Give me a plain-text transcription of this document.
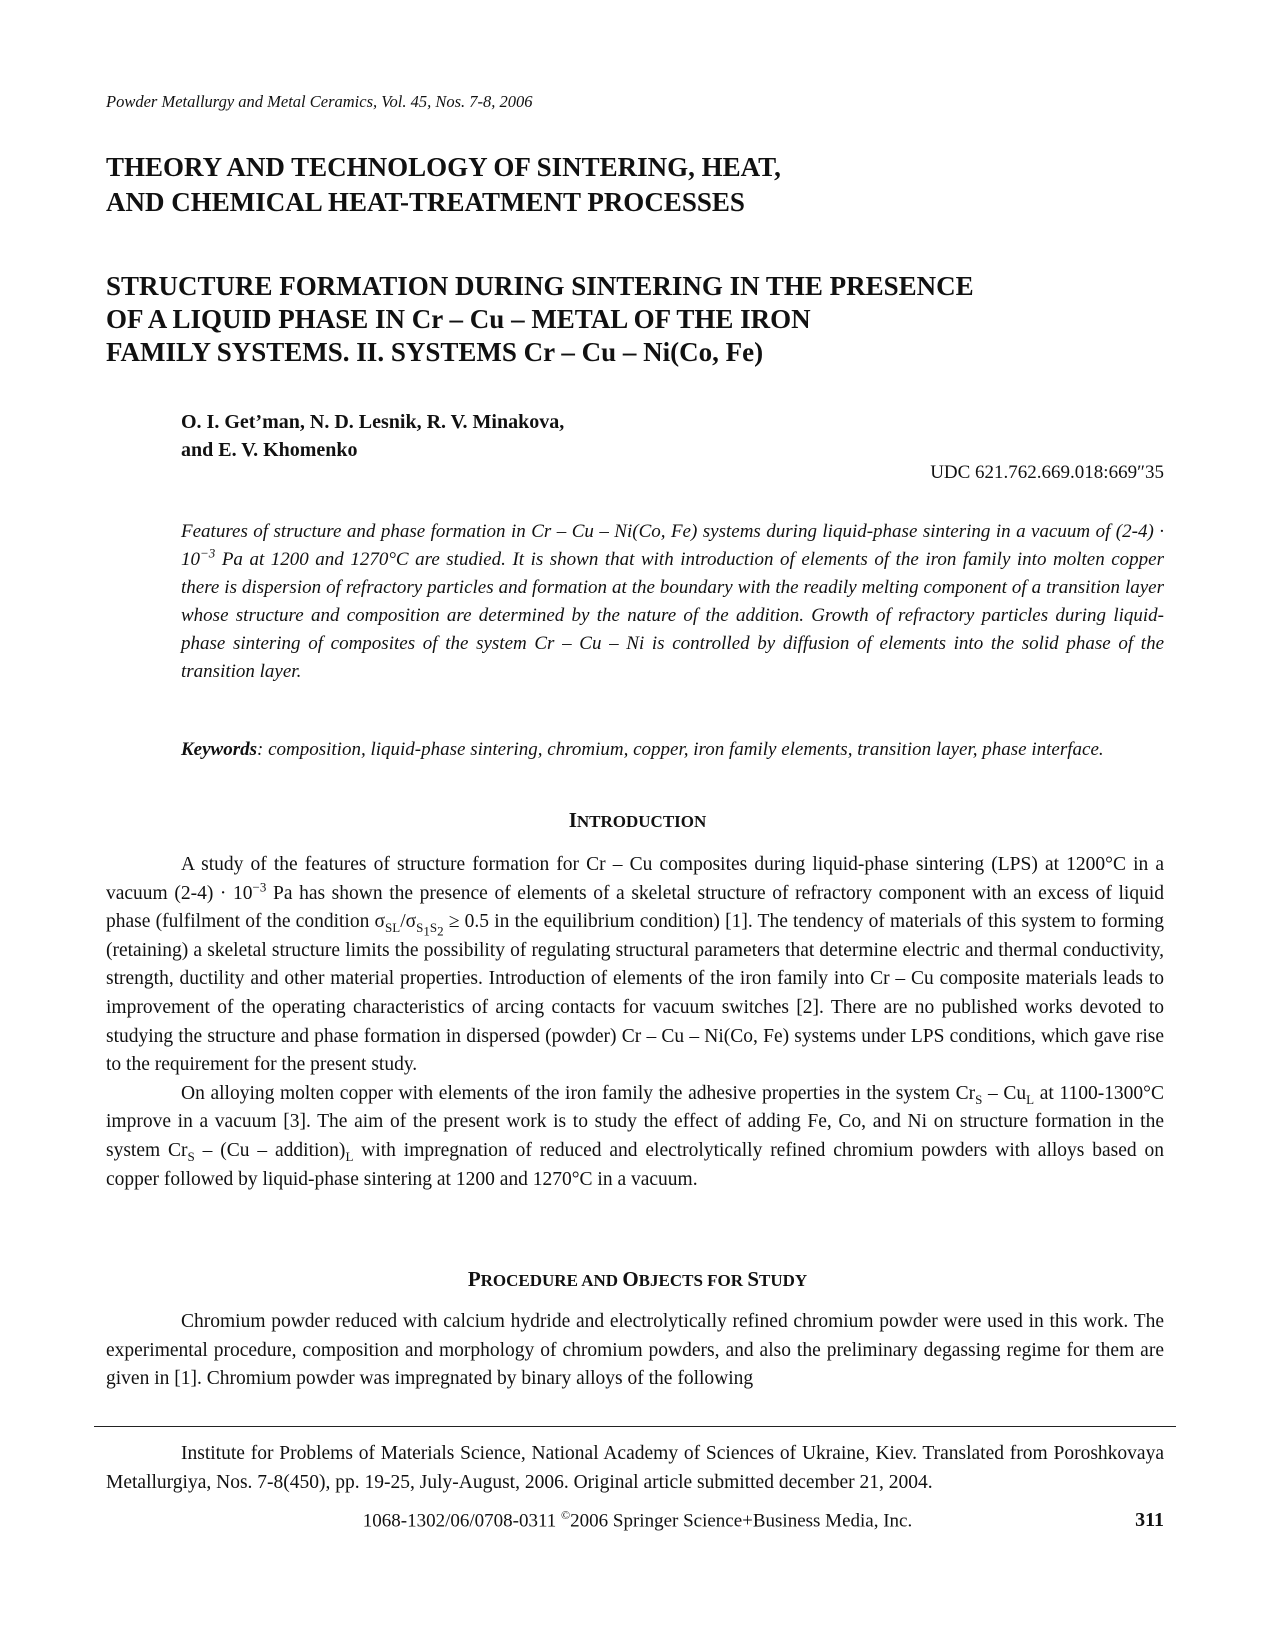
Powder Metallurgy and Metal Ceramics, Vol. 45, Nos. 7-8, 2006
THEORY AND TECHNOLOGY OF SINTERING, HEAT,
AND CHEMICAL HEAT-TREATMENT PROCESSES
STRUCTURE FORMATION DURING SINTERING IN THE PRESENCE
OF A LIQUID PHASE IN Cr – Cu – METAL OF THE IRON
FAMILY SYSTEMS. II. SYSTEMS Cr – Cu – Ni(Co, Fe)
O. I. Get’man, N. D. Lesnik, R. V. Minakova,
and E. V. Khomenko
UDC 621.762.669.018:669″35
Features of structure and phase formation in Cr – Cu – Ni(Co, Fe) systems during liquid-phase sintering in a vacuum of $(2-4) \cdot 10^{-3}$ Pa at 1200 and 1270°C are studied. It is shown that with introduction of elements of the iron family into molten copper there is dispersion of refractory particles and formation at the boundary with the readily melting component of a transition layer whose structure and composition are determined by the nature of the addition. Growth of refractory particles during liquid-phase sintering of composites of the system Cr – Cu – Ni is controlled by diffusion of elements into the solid phase of the transition layer.
Keywords: composition, liquid-phase sintering, chromium, copper, iron family elements, transition layer, phase interface.
INTRODUCTION

A study of the features of structure formation for Cr – Cu composites during liquid-phase sintering (LPS) at 1200°C in a vacuum $(2-4) \cdot 10^{-3}$ Pa has shown the presence of elements of a skeletal structure of refractory component with an excess of liquid phase (fulfilment of the condition $\sigma_{SL}/\sigma_{S_1S_2} \ge 0.5$ in the equilibrium condition) [1]. The tendency of materials of this system to forming (retaining) a skeletal structure limits the possibility of regulating structural parameters that determine electric and thermal conductivity, strength, ductility and other material properties. Introduction of elements of the iron family into Cr – Cu composite materials leads to improvement of the operating characteristics of arcing contacts for vacuum switches [2]. There are no published works devoted to studying the structure and phase formation in dispersed (powder) Cr – Cu – Ni(Co, Fe) systems under LPS conditions, which gave rise to the requirement for the present study.

On alloying molten copper with elements of the iron family the adhesive properties in the system $Cr_S - Cu_L$ at 1100-1300°C improve in a vacuum [3]. The aim of the present work is to study the effect of adding Fe, Co, and Ni on structure formation in the system $Cr_S - (Cu$ – $addition)_L$ with impregnation of reduced and electrolytically refined chromium powders with alloys based on copper followed by liquid-phase sintering at 1200 and 1270°C in a vacuum.

PROCEDURE AND OBJECTS FOR STUDY

Chromium powder reduced with calcium hydride and electrolytically refined chromium powder were used in this work. The experimental procedure, composition and morphology of chromium powders, and also the preliminary degassing regime for them are given in [1]. Chromium powder was impregnated by binary alloys of the following

Institute for Problems of Materials Science, National Academy of Sciences of Ukraine, Kiev. Translated from Poroshkovaya Metallurgiya, Nos. 7-8(450), pp. 19-25, July-August, 2006. Original article submitted december 21, 2004.

1068-1302/06/0708-0311 ©2006 Springer Science+Business Media, Inc.	311
